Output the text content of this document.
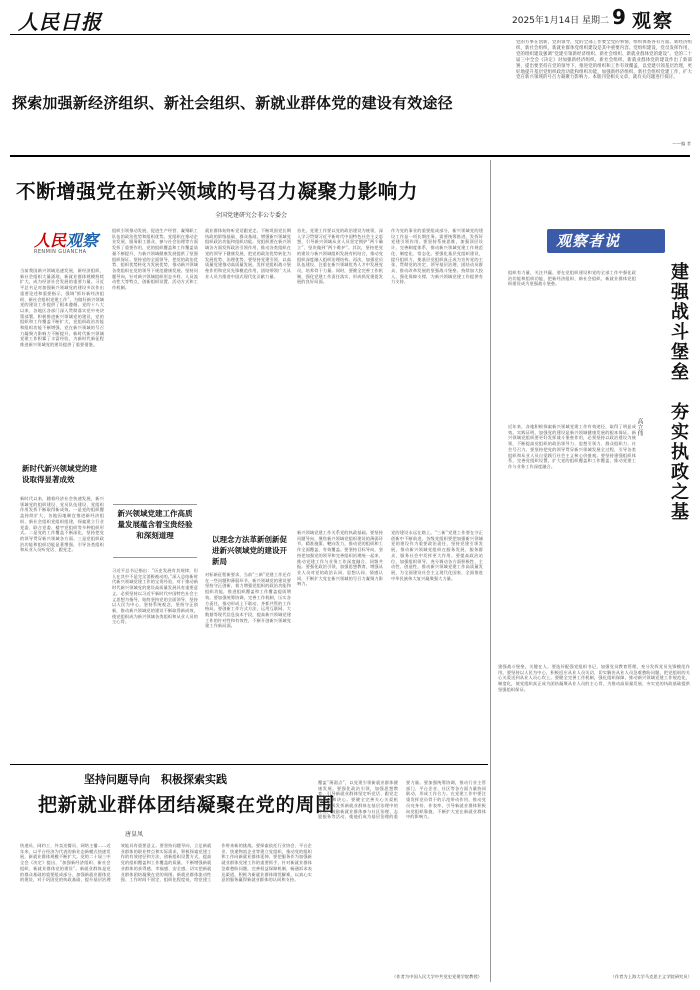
人民日报	2025年1月14日 星期二 9 观察
探索加强新经济组织、新社会组织、新就业群体党的建设有效途径
党的方事在创新，党的领导，党的全部工作要全党的事情，组织体系各有方面。新经济组织，新社会组织，新就业群体党组织建设是其中重要内容。党组织建设，党员发挥作用，党的组织建设强调“党建引领新经济组织、新社会组织、新就业群体党的建设”。党的二十届三中全会《决定》对加强新经济组织、新社会组织、新就业群体党的建设作出了新部署，提出要坚持在党的领导下，推进党的组织和工作有效覆盖，以党建引领基层治理，更好地提升基层党组织政治功能和组织功能，加强新经济组织、新社会组织党建工作，扩大党在新兴领域的号召力凝聚力影响力。本版刊登相关文章，就有关问题进行探讨。
——编 者
不断增强党在新兴领域的号召力凝聚力影响力
全国党建研究会非公专委会
人民观察
RENMIN GUANCHA
当前我国新兴领域迅速发展，新经济组织、新社会组织大量涌现，新就业群体规模持续扩大，成为经济社会发展的重要力量。习近平总书记对加强新兴领域党的建设多次作出重要论述和重要指示，强调“抓好新经济组织、新社会组织党建工作”，为做好新兴领域党的建设工作提供了根本遵循。党的十八大以来，各地区各部门深入贯彻落实党中央决策部署，积极推进新兴领域党的建设，党的组织和工作覆盖不断扩大，党组织政治功能和组织功能不断增强，党在新兴领域的号召力凝聚力影响力不断提升。新时代新兴领域党建工作积累了丰富经验，为新时代新征程推进新兴领域党的建设提供了重要借鉴。
新时代新兴领域党的建设取得显著成效
新时代以来，随着经济社会快速发展，新兴领域党的组织建设、党员队伍建设、党组织作用发挥不断取得新成效。一是党的组织覆盖持续扩大，各地因地制宜推进新经济组织、新社会组织党组织组建，探索建立行业党委、联合党委、楼宇党组织等多种组织形式。二是党的工作覆盖不断深化，坚持把党的领导贯穿新兴领域各方面。三是党组织政治功能和组织功能显著增强，引导各类组织和从业人员听党话、跟党走。
组织引领推动发展，促进生产经营、凝聚职工队伍的政治优势和组织优势。党组织在推动企业发展、服务职工群众、参与社会治理等方面发挥了重要作用，党的组织覆盖和工作覆盖质量不断提升，为新兴领域健康发展提供了坚强组织保证。坚持党的全面领导，把党的政治优势、组织优势转化为发展优势，推动新兴领域各类组织在党的领导下规范健康发展。坚持问题导向，针对新兴领域组织形态多样、人员流动性大等特点，创新组织设置、活动方式和工作机制。
新兴领域党建工作高质量发展蕴含着宝贵经验和深刻道理
习近平总书记指出：“历史发展有其规律，但人在其中不是完全消极被动的。”深入总结新时代新兴领域党建工作的宝贵经验，对于推动新时代新兴领域党的建设高质量发展具有重要意义。必须坚持以习近平新时代中国特色社会主义思想为指导，始终坚持党的全面领导，坚持以人民为中心，坚持系统观念，坚持守正创新，推动新兴领域党的建设不断取得新成效，使党组织成为新兴领域各类组织和从业人员的主心骨。
就业群体始终听党话跟党走。不断巩固党长期执政的阶级基础、群众基础，增强新兴领域党组织政治功能和组织功能。党组织要在新兴领域各方面发挥政治引领作用，推动各类组织在党的领导下健康发展，把党的政治优势转化为发展优势、治理优势。要坚持党建引领，以高质量党建推动高质量发展，发挥党组织战斗堡垒作用和党员先锋模范作用，团结带领广大从业人员为推进中国式现代化贡献力量。
以理念方法革新创新促进新兴领域党的建设开新局
对标新征程新要求，当前“三新”党建工作还存在一些问题和薄弱环节。新兴领域党的建设要坚持守正创新，着力增强党组织的政治功能和组织功能，推进组织覆盖和工作覆盖提质增效。要加强统筹协调，完善工作机制，压实各方责任，推动形成上下联动、齐抓共管的工作格局。要创新工作方式方法，运用互联网、大数据等现代信息技术手段，提高新兴领域党建工作的针对性和有效性，不断开创新兴领域党建工作新局面。
首先，党建工作要以党的政治建设为统领，深入学习贯彻习近平新时代中国特色社会主义思想，引导新兴领域从业人员坚定拥护“两个确立”、坚决做到“两个维护”。其次，坚持把党的建设与新兴领域组织发展有机结合，推动党组织深度融入组织治理结构。再次，加强党员队伍建设，注重在新兴领域优秀人才中发展党员，培养骨干力量。同时，要健全完善工作机制，强化党建工作责任落实，形成抓党建促发展的良好局面。
新兴领域党建工作关系党的执政基础。要坚持问题导向，聚焦新兴领域党组织建设的薄弱环节，精准施策、靶向发力，推动党的组织和工作全面覆盖、有效覆盖。要坚持目标导向，坚持把加强党的领导和完善组织治理统一起来，推动党建工作与业务工作深度融合、同频共振。要强化政治引领，加强思想教育，增强从业人员对党的政治认同、思想认同、情感认同，不断扩大党在新兴领域的号召力凝聚力影响力。
作为党的事业的重要组成部分，新兴领域党的建设工作是一项长期任务。需要统筹推进，发挥好党建引领作用。要坚持系统思维，加强顶层设计，完善制度体系，推动新兴领域党建工作规范化、制度化、常态化。要强化基层党组织建设，提升组织力，使基层党组织真正成为宣传党的主张、贯彻党的决定、领导基层治理、团结动员群众、推动改革发展的坚强战斗堡垒。持续加大投入，强化保障支撑，为新兴领域党建工作提供有力支持。
党的建设永远在路上。“三新”党建工作要在守正创新中不断前进。各级党组织要把加强新兴领域党的建设作为重要政治责任，坚持党建引领发展，推动新兴领域党组织在服务发展、服务群众、服务社会中发挥更大作用。要提高政治站位，加强组织领导，充分调动各方面积极性、主动性、创造性，推动新兴领域党建工作高质量发展，为全面建设社会主义现代化国家、全面推进中华民族伟大复兴凝聚强大力量。
坚持问题导向　积极探索实践
把新就业群体团结凝聚在党的周围
唐皇凤
快递员、网约工、外卖送餐员、网络主播……近年来，以平台经济为代表的新业态新模式快速发展，新就业群体规模不断扩大。党的二十届三中全会《决定》提出，“加强新经济组织、新社会组织、新就业群体党的建设”。新就业群体是党的群众基础的重要组成部分，加强新就业群体党的建设，对于巩固党的执政基础、提升基层治理效能具有重要意义。要坚持问题导向，立足新就业群体的职业特点和实际需求，积极探索党建工作的有效途径和方法，创新组织设置方式，提高党的组织覆盖和工作覆盖的质量，不断增强新就业群体的获得感、幸福感、安全感，切实把新就业群体团结凝聚在党的周围。新就业群体流动性强、工作时间不固定、组织化程度低，给党建工作带来新的挑战。要探索依托行业协会、平台企业、快递物流企业等建立党组织，推动党的组织和工作向新就业群体延伸。要把服务作为加强新就业群体党建工作的重要抓手，针对新就业群体急难愁盼问题，完善权益保障机制，畅通诉求表达渠道，积极为新就业群体排忧解难，以真心实意的服务赢得新就业群体的认同和支持。
覆盖“薄弱点”，以党建引领新就业群体健康发展。要强化政治引领，加强思想教育，引导新就业群体坚定听党话、跟党走的信心和决心。要健全完善关心关爱机制，积极发挥新就业群体在基层治理中的作用，鼓励新就业群体参与社区治理、志愿服务等活动，使他们成为基层治理的重要力量。要加强统筹协调，推动行业主管部门、平台企业、社区等各方面力量协同联动，形成工作合力。在党建工作中要注重发挥党员骨干的示范带动作用，推动党员亮身份、作表率，引导新就业群体积极向党组织靠拢，不断扩大党在新就业群体中的影响力。
（作者为中国人民大学中共党史党建学院教授）
观察者说
建强战斗堡垒　夯实执政之基
高立伟
组织有力量，关注共赢。要在党组织建设和党的全部工作中强化政治功能和组织功能，把新经济组织、新社会组织、新就业群体党组织建设成为坚强战斗堡垒。
近年来，各地积极探索新兴领域党建工作有效途径，取得了明显成效。实践证明，加强党的建设是新兴领域健康发展的根本保证。新兴领域党组织要更好发挥战斗堡垒作用，必须坚持以政治建设为统领，不断提高党组织的政治领导力、思想引领力、群众组织力、社会号召力。要坚持把党的领导贯穿新兴领域发展全过程，引导各类组织和从业人员自觉践行社会主义核心价值观。要坚持建强组织体系，完善党组织设置，扩大党的组织覆盖和工作覆盖，推动党建工作与业务工作深度融合。
建强战斗堡垒，关键在人。要选好配强党组织书记，加强党员教育管理，充分发挥党员先锋模范作用。要坚持以人民为中心，积极回应从业人员关切，切实解决从业人员急难愁盼问题，把党组织的关心关爱送到从业人员心坎上。要健全完善工作机制，强化组织保障，推动新兴领域党建工作规范化、制度化，使党组织真正成为团结凝聚从业人员的主心骨，为推动高质量发展、夯实党的执政基础提供坚强组织保证。
（作者为上海大学马克思主义学院研究员）
